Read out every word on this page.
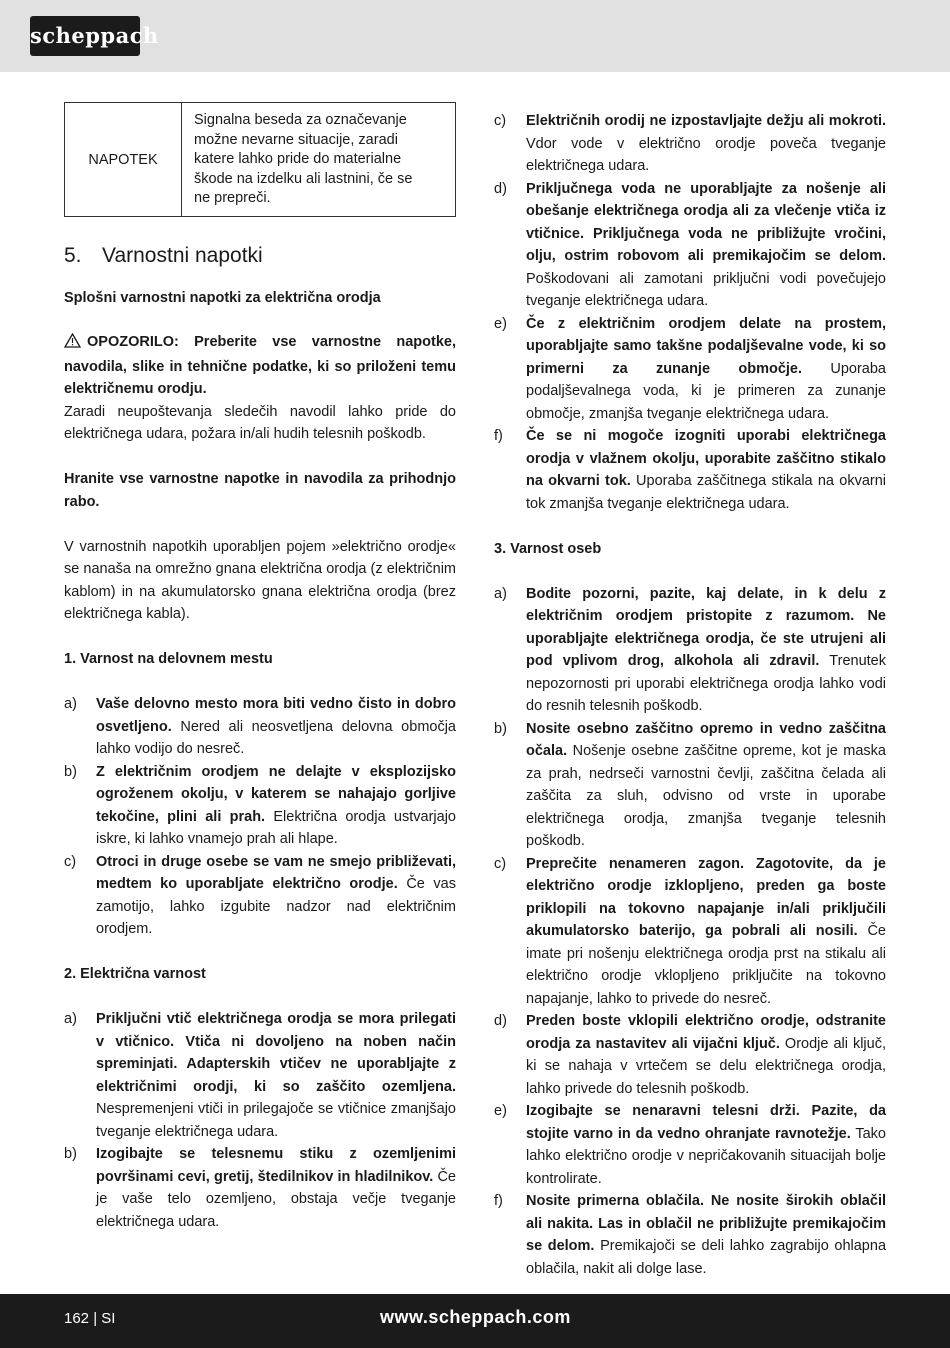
scheppach
NAPOTEK
Signalna beseda za označevanje
možne nevarne situacije, zaradi
katere lahko pride do materialne
škode na izdelku ali lastnini, če se
ne prepreči.
5. Varnostni napotki
Splošni varnostni napotki za električna orodja

OPOZORILO: Preberite vse varnostne napotke, navodila, slike in tehnične podatke, ki so priloženi temu električnemu orodju.

Zaradi neupoštevanja sledečih navodil lahko pride do električnega udara, požara in/ali hudih telesnih poškodb.

Hranite vse varnostne napotke in navodila za prihodnjo rabo.

V varnostnih napotkih uporabljen pojem »električno orodje« se nanaša na omrežno gnana električna orodja (z električnim kablom) in na akumulatorsko gnana električna orodja (brez električnega kabla).

1. Varnost na delovnem mestu

a)	Vaše delovno mesto mora biti vedno čisto in dobro osvetljeno. Nered ali neosvetljena delovna območja lahko vodijo do nesreč.
b)	Z električnim orodjem ne delajte v eksplozijsko ogroženem okolju, v katerem se nahajajo gorljive tekočine, plini ali prah. Električna orodja ustvarjajo iskre, ki lahko vnamejo prah ali hlape.
c)	Otroci in druge osebe se vam ne smejo približevati, medtem ko uporabljate električno orodje. Če vas zamotijo, lahko izgubite nadzor nad električnim orodjem.

2. Električna varnost

a)	Priključni vtič električnega orodja se mora prilegati v vtičnico. Vtiča ni dovoljeno na noben način spreminjati. Adapterskih vtičev ne uporabljajte z električnimi orodji, ki so zaščito ozemljena. Nespremenjeni vtiči in prilegajoče se vtičnice zmanjšajo tveganje električnega udara.
b)	Izogibajte se telesnemu stiku z ozemljenimi površinami cevi, gretij, štedilnikov in hladilnikov. Če je vaše telo ozemljeno, obstaja večje tveganje električnega udara.
c)	Električnih orodij ne izpostavljajte dežju ali mokroti. Vdor vode v električno orodje poveča tveganje električnega udara.
d)	Priključnega voda ne uporabljajte za nošenje ali obešanje električnega orodja ali za vlečenje vtiča iz vtičnice. Priključnega voda ne približujte vročini, olju, ostrim robovom ali premikajočim se delom. Poškodovani ali zamotani priključni vodi povečujejo tveganje električnega udara.
e)	Če z električnim orodjem delate na prostem, uporabljajte samo takšne podaljševalne vode, ki so primerni za zunanje območje. Uporaba podaljševalnega voda, ki je primeren za zunanje območje, zmanjša tveganje električnega udara.
f)	Če se ni mogoče izogniti uporabi električnega orodja v vlažnem okolju, uporabite zaščitno stikalo na okvarni tok. Uporaba zaščitnega stikala na okvarni tok zmanjša tveganje električnega udara.

3. Varnost oseb

a)	Bodite pozorni, pazite, kaj delate, in k delu z električnim orodjem pristopite z razumom. Ne uporabljajte električnega orodja, če ste utrujeni ali pod vplivom drog, alkohola ali zdravil. Trenutek nepozornosti pri uporabi električnega orodja lahko vodi do resnih telesnih poškodb.
b)	Nosite osebno zaščitno opremo in vedno zaščitna očala. Nošenje osebne zaščitne opreme, kot je maska za prah, nedrseči varnostni čevlji, zaščitna čelada ali zaščita za sluh, odvisno od vrste in uporabe električnega orodja, zmanjša tveganje telesnih poškodb.
c)	Preprečite nenameren zagon. Zagotovite, da je električno orodje izklopljeno, preden ga boste priklopili na tokovno napajanje in/ali priključili akumulatorsko baterijo, ga pobrali ali nosili. Če imate pri nošenju električnega orodja prst na stikalu ali električno orodje vklopljeno priključite na tokovno napajanje, lahko to privede do nesreč.
d)	Preden boste vklopili električno orodje, odstranite orodja za nastavitev ali vijačni ključ. Orodje ali ključ, ki se nahaja v vrtečem se delu električnega orodja, lahko privede do telesnih poškodb.
e)	Izogibajte se nenaravni telesni drži. Pazite, da stojite varno in da vedno ohranjate ravnotežje. Tako lahko električno orodje v nepričakovanih situacijah bolje kontrolirate.
f)	Nosite primerna oblačila. Ne nosite širokih oblačil ali nakita. Las in oblačil ne približujte premikajočim se delom. Premikajoči se deli lahko zagrabijo ohlapna oblačila, nakit ali dolge lase.
162 | SI	www.scheppach.com
